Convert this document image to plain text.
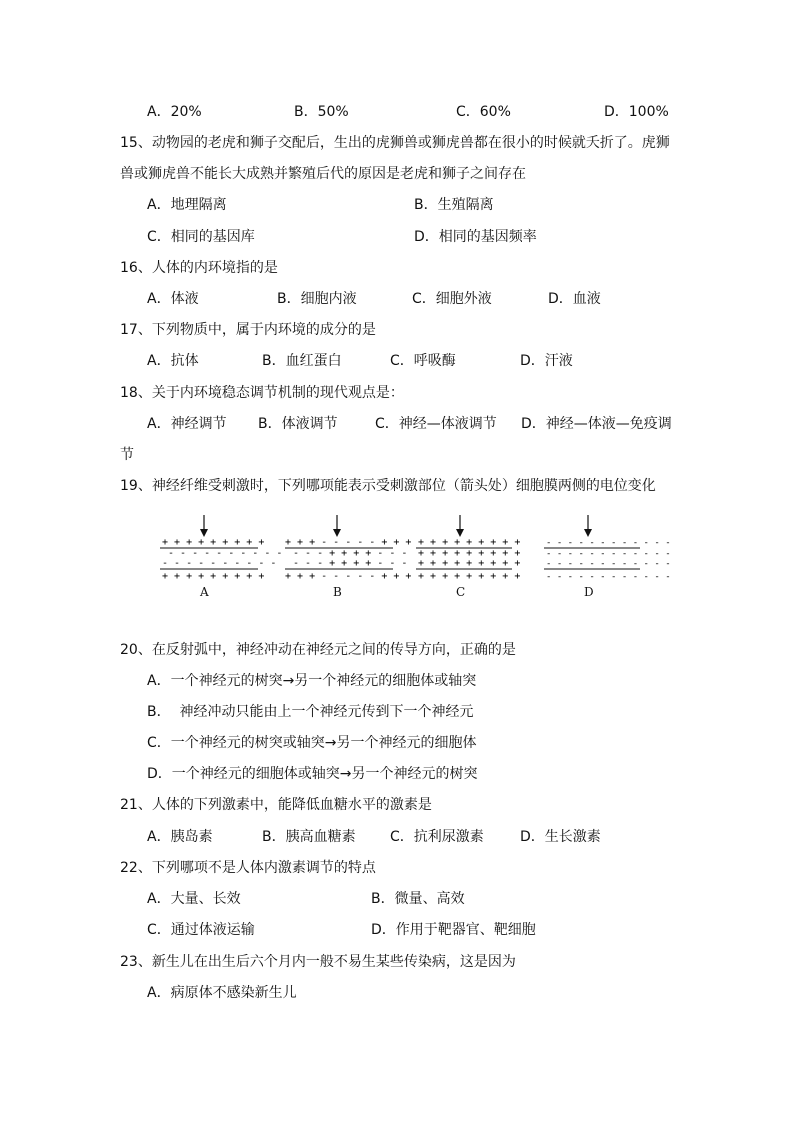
A．20%	B．50%	C．60%	D．100%
15、动物园的老虎和狮子交配后，生出的虎狮兽或狮虎兽都在很小的时候就夭折了。虎狮
兽或狮虎兽不能长大成熟并繁殖后代的原因是老虎和狮子之间存在
A．地理隔离	B．生殖隔离
C．相同的基因库	D．相同的基因频率
16、人体的内环境指的是
A．体液	B．细胞内液	C．细胞外液	D．血液
17、下列物质中，属于内环境的成分的是
A．抗体	B．血红蛋白	C．呼吸酶	D．汗液
18、关于内环境稳态调节机制的现代观点是：
A．神经调节 B．体液调节	C．神经—体液调节 D．神经—体液—免疫调
节
19、神经纤维受刺激时，下列哪项能表示受刺激部位（箭头处）细胞膜两侧的电位变化
+ + + + + + + + +
- - - - - - - - - -
- - - - - - - - - -
+ + + + + + + + +
A
+ + + - - - - - + + +
- - - + + + + - - -
- - - + + + + - - -
+ + + - - - - - + + +
B
+ + + + + + + + +
+ + + + + + + + +
+ + + + + + + + +
+ + + + + + + + +
C
- - - - - - - - - - - -
- - - - - - - - - - - -
- - - - - - - - - - - -
- - - - - - - - - - - -
D
20、在反射弧中，神经冲动在神经元之间的传导方向，正确的是
A．一个神经元的树突→另一个神经元的细胞体或轴突
B．  神经冲动只能由上一个神经元传到下一个神经元
C．一个神经元的树突或轴突→另一个神经元的细胞体
D．一个神经元的细胞体或轴突→另一个神经元的树突
21、人体的下列激素中，能降低血糖水平的激素是
A．胰岛素	B．胰高血糖素 C．抗利尿激素	D．生长激素
22、下列哪项不是人体内激素调节的特点
A．大量、长效	B．微量、高效
C．通过体液运输	D．作用于靶器官、靶细胞
23、新生儿在出生后六个月内一般不易生某些传染病，这是因为
A．病原体不感染新生儿
